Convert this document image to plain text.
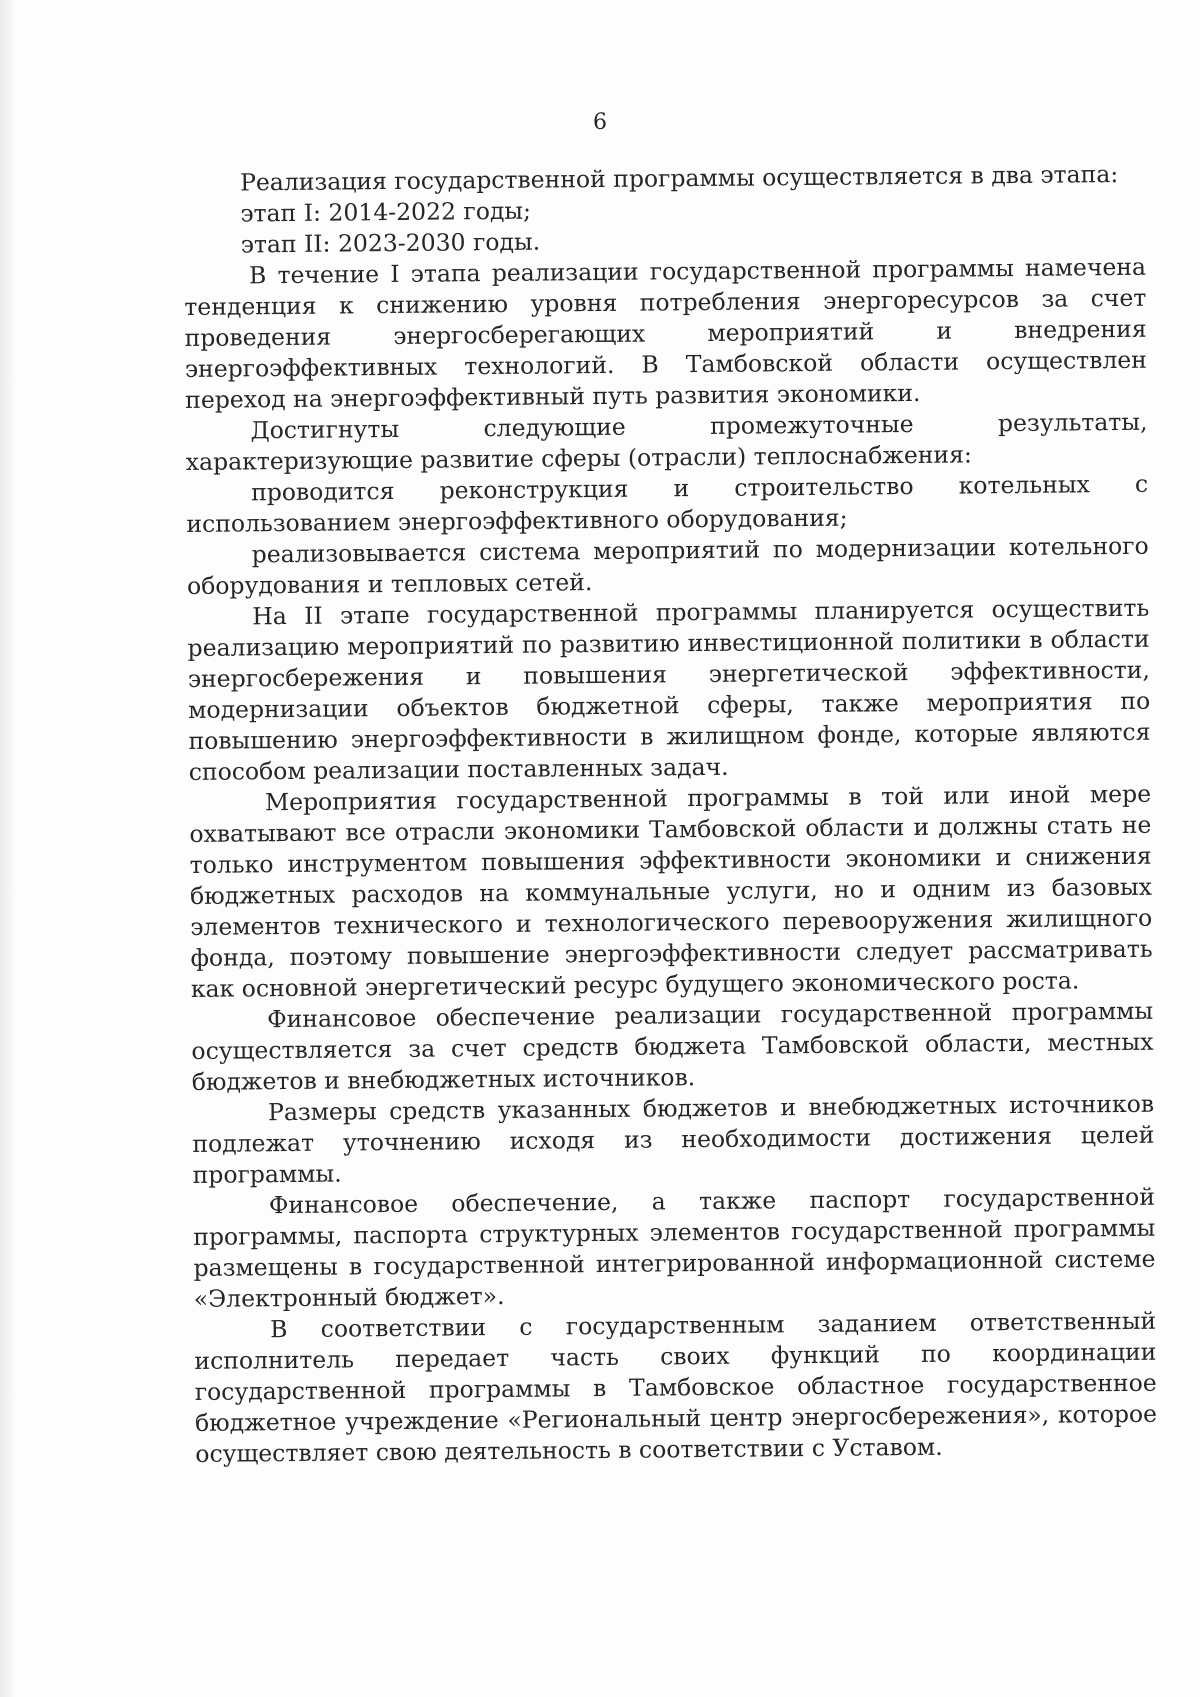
6

Реализация государственной программы осуществляется в два этапа:

этап I: 2014-2022 годы;

этап II: 2023-2030 годы.

В течение I этапа реализации государственной программы намечена тенденция к снижению уровня потребления энергоресурсов за счет проведения энергосберегающих мероприятий и внедрения энергоэффективных технологий. В Тамбовской области осуществлен переход на энергоэффективный путь развития экономики.

Достигнуты следующие промежуточные результаты, характеризующие развитие сферы (отрасли) теплоснабжения:

проводится реконструкция и строительство котельных с использованием энергоэффективного оборудования;

реализовывается система мероприятий по модернизации котельного оборудования и тепловых сетей.

На II этапе государственной программы планируется осуществить реализацию мероприятий по развитию инвестиционной политики в области энергосбережения и повышения энергетической эффективности, модернизации объектов бюджетной сферы, также мероприятия по повышению энергоэффективности в жилищном фонде, которые являются способом реализации поставленных задач.

Мероприятия государственной программы в той или иной мере охватывают все отрасли экономики Тамбовской области и должны стать не только инструментом повышения эффективности экономики и снижения бюджетных расходов на коммунальные услуги, но и одним из базовых элементов технического и технологического перевооружения жилищного фонда, поэтому повышение энергоэффективности следует рассматривать как основной энергетический ресурс будущего экономического роста.

Финансовое обеспечение реализации государственной программы осуществляется за счет средств бюджета Тамбовской области, местных бюджетов и внебюджетных источников.

Размеры средств указанных бюджетов и внебюджетных источников подлежат уточнению исходя из необходимости достижения целей программы.

Финансовое обеспечение, а также паспорт государственной программы, паспорта структурных элементов государственной программы размещены в государственной интегрированной информационной системе «Электронный бюджет».

В соответствии с государственным заданием ответственный исполнитель передает часть своих функций по координации государственной программы в Тамбовское областное государственное бюджетное учреждение «Региональный центр энергосбережения», которое осуществляет свою деятельность в соответствии с Уставом.
